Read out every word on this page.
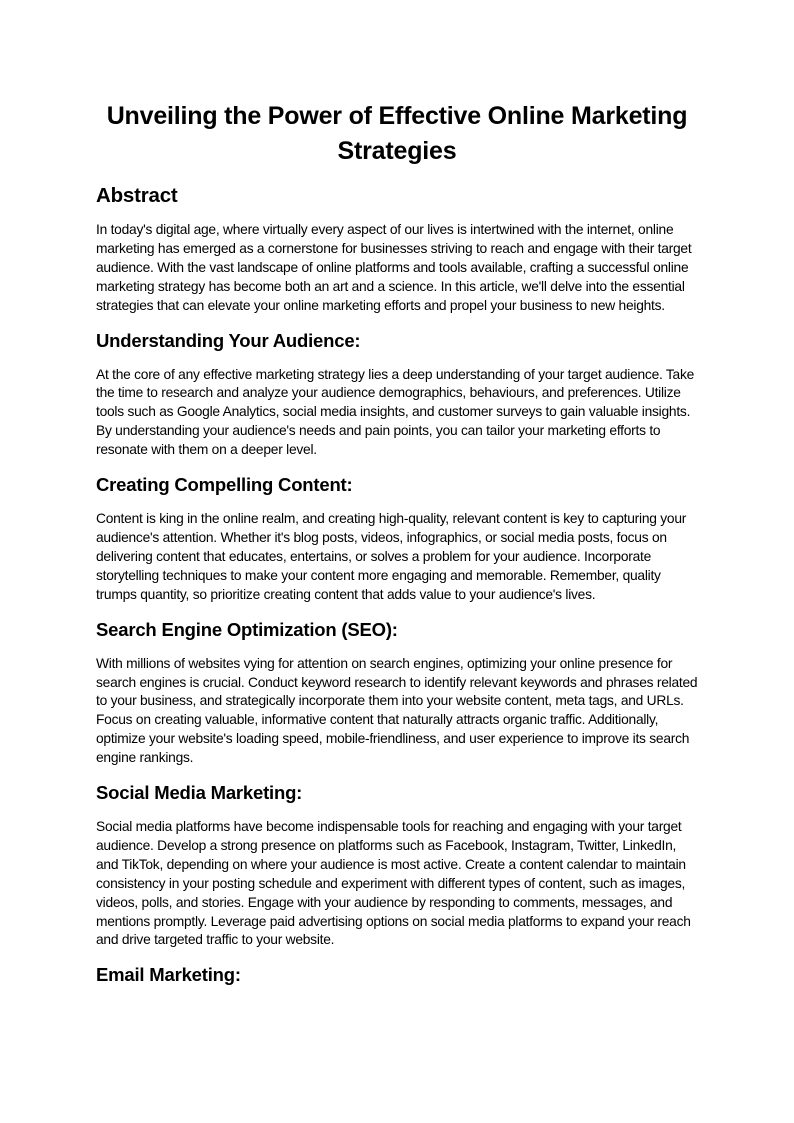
Unveiling the Power of Effective Online Marketing Strategies
Abstract

In today's digital age, where virtually every aspect of our lives is intertwined with the internet, online marketing has emerged as a cornerstone for businesses striving to reach and engage with their target audience. With the vast landscape of online platforms and tools available, crafting a successful online marketing strategy has become both an art and a science. In this article, we'll delve into the essential strategies that can elevate your online marketing efforts and propel your business to new heights.

Understanding Your Audience:

At the core of any effective marketing strategy lies a deep understanding of your target audience. Take the time to research and analyze your audience demographics, behaviours, and preferences. Utilize tools such as Google Analytics, social media insights, and customer surveys to gain valuable insights. By understanding your audience's needs and pain points, you can tailor your marketing efforts to resonate with them on a deeper level.

Creating Compelling Content:

Content is king in the online realm, and creating high-quality, relevant content is key to capturing your audience's attention. Whether it's blog posts, videos, infographics, or social media posts, focus on delivering content that educates, entertains, or solves a problem for your audience. Incorporate storytelling techniques to make your content more engaging and memorable. Remember, quality trumps quantity, so prioritize creating content that adds value to your audience's lives.

Search Engine Optimization (SEO):

With millions of websites vying for attention on search engines, optimizing your online presence for search engines is crucial. Conduct keyword research to identify relevant keywords and phrases related to your business, and strategically incorporate them into your website content, meta tags, and URLs. Focus on creating valuable, informative content that naturally attracts organic traffic. Additionally, optimize your website's loading speed, mobile-friendliness, and user experience to improve its search engine rankings.

Social Media Marketing:

Social media platforms have become indispensable tools for reaching and engaging with your target audience. Develop a strong presence on platforms such as Facebook, Instagram, Twitter, LinkedIn, and TikTok, depending on where your audience is most active. Create a content calendar to maintain consistency in your posting schedule and experiment with different types of content, such as images, videos, polls, and stories. Engage with your audience by responding to comments, messages, and mentions promptly. Leverage paid advertising options on social media platforms to expand your reach and drive targeted traffic to your website.

Email Marketing:
